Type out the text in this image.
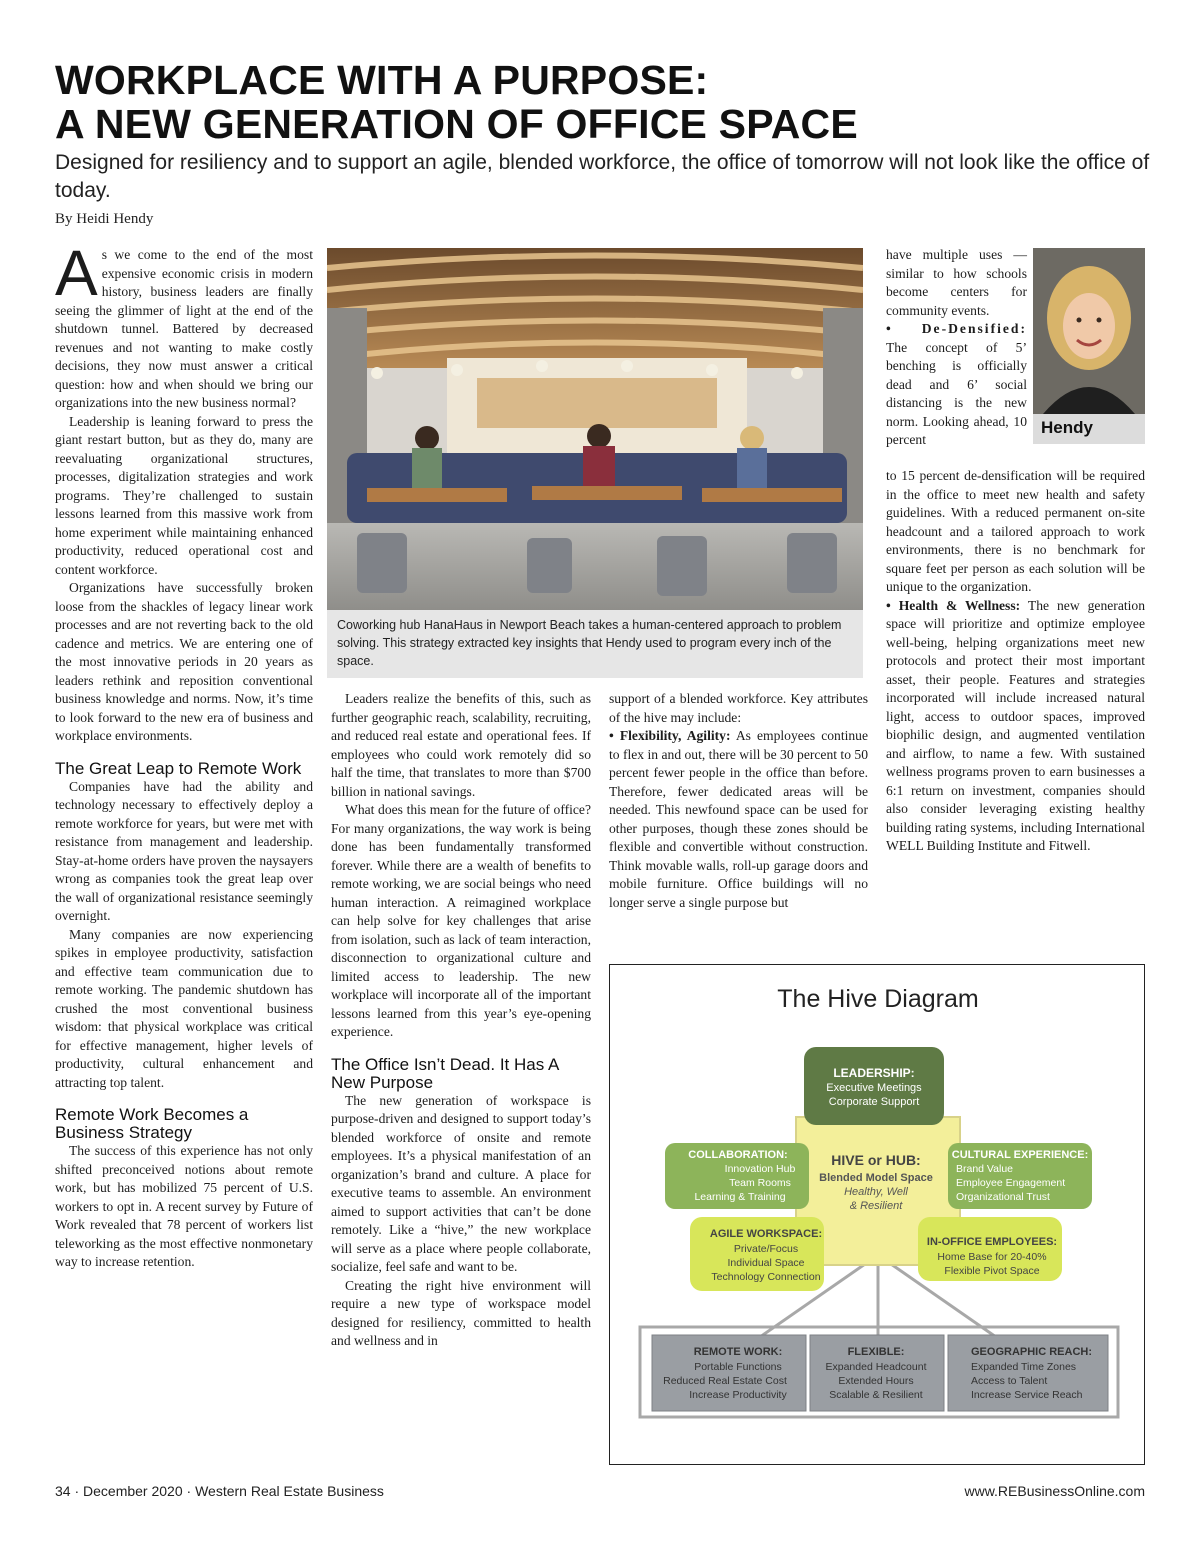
WORKPLACE WITH A PURPOSE:
A NEW GENERATION OF OFFICE SPACE
Designed for resiliency and to support an agile, blended workforce, the office of tomorrow will not look like the office of today.
By Heidi Hendy

As we come to the end of the most expensive economic crisis in modern history, business leaders are finally seeing the glimmer of light at the end of the shutdown tunnel. Battered by decreased revenues and not wanting to make costly decisions, they now must answer a critical question: how and when should we bring our organizations into the new business normal?

Leadership is leaning forward to press the giant restart button, but as they do, many are reevaluating organizational structures, processes, digitalization strategies and work programs. They’re challenged to sustain lessons learned from this massive work from home experiment while maintaining enhanced productivity, reduced operational cost and content workforce.

Organizations have successfully broken loose from the shackles of legacy linear work processes and are not reverting back to the old cadence and metrics. We are entering one of the most innovative periods in 20 years as leaders rethink and reposition conventional business knowledge and norms. Now, it’s time to look forward to the new era of business and workplace environments.

The Great Leap to Remote Work

Companies have had the ability and technology necessary to effectively deploy a remote workforce for years, but were met with resistance from management and leadership. Stay-at-home orders have proven the naysayers wrong as companies took the great leap over the wall of organizational resistance seemingly overnight.

Many companies are now experiencing spikes in employee productivity, satisfaction and effective team communication due to remote working. The pandemic shutdown has crushed the most conventional business wisdom: that physical workplace was critical for effective management, higher levels of productivity, cultural enhancement and attracting top talent.

Remote Work Becomes a Business Strategy

The success of this experience has not only shifted preconceived notions about remote work, but has mobilized 75 percent of U.S. workers to opt in. A recent survey by Future of Work revealed that 78 percent of workers list teleworking as the most effective nonmonetary way to increase retention.

Coworking hub HanaHaus in Newport Beach takes a human-centered approach to problem solving. This strategy extracted key insights that Hendy used to program every inch of the space.

Leaders realize the benefits of this, such as further geographic reach, scalability, recruiting, and reduced real estate and operational fees. If employees who could work remotely did so half the time, that translates to more than $700 billion in national savings.

What does this mean for the future of office? For many organizations, the way work is being done has been fundamentally transformed forever. While there are a wealth of benefits to remote working, we are social beings who need human interaction. A reimagined workplace can help solve for key challenges that arise from isolation, such as lack of team interaction, disconnection to organizational culture and limited access to leadership. The new workplace will incorporate all of the important lessons learned from this year’s eye-opening experience.

The Office Isn’t Dead. It Has A New Purpose

The new generation of workspace is purpose-driven and designed to support today’s blended workforce of onsite and remote employees. It’s a physical manifestation of an organization’s brand and culture. A place for executive teams to assemble. An environment aimed to support activities that can’t be done remotely. Like a “hive,” the new workplace will serve as a place where people collaborate, socialize, feel safe and want to be.

Creating the right hive environment will require a new type of workspace model designed for resiliency, committed to health and wellness and in

support of a blended workforce. Key attributes of the hive may include:

• Flexibility, Agility: As employees continue to flex in and out, there will be 30 percent to 50 percent fewer people in the office than before. Therefore, fewer dedicated areas will be needed. This newfound space can be used for other purposes, though these zones should be flexible and convertible without construction. Think movable walls, roll-up garage doors and mobile furniture. Office buildings will no longer serve a single purpose but

have multiple uses — similar to how schools become centers for community events.

• De-Densified: The concept of 5’ benching is officially dead and 6’ social distancing is the new norm. Looking ahead, 10 percent

to 15 percent de-densification will be required in the office to meet new health and safety guidelines. With a reduced permanent on-site headcount and a tailored approach to work environments, there is no benchmark for square feet per person as each solution will be unique to the organization.

• Health & Wellness: The new generation space will prioritize and optimize employee well-being, helping organizations meet new protocols and protect their most important asset, their people. Features and strategies incorporated will include increased natural light, access to outdoor spaces, improved biophilic design, and augmented ventilation and airflow, to name a few. With sustained wellness programs proven to earn businesses a 6:1 return on investment, companies should also consider leveraging existing healthy building rating systems, including International WELL Building Institute and Fitwell.

Hendy
The Hive Diagram
LEADERSHIP:
Executive Meetings
Corporate Support
HIVE or HUB:
Blended Model Space
Healthy, Well
& Resilient
COLLABORATION:
Innovation Hub
Team Rooms
Learning & Training
CULTURAL EXPERIENCE:
Brand Value
Employee Engagement
Organizational Trust
AGILE WORKSPACE:
Private/Focus
Individual Space
Technology Connection
IN-OFFICE EMPLOYEES:
Home Base for 20-40%
Flexible Pivot Space
REMOTE WORK:
Portable Functions
Reduced Real Estate Cost
Increase Productivity
FLEXIBLE:
Expanded Headcount
Extended Hours
Scalable & Resilient
GEOGRAPHIC REACH:
Expanded Time Zones
Access to Talent
Increase Service Reach
34 · December 2020 · Western Real Estate Business	www.REBusinessOnline.com
